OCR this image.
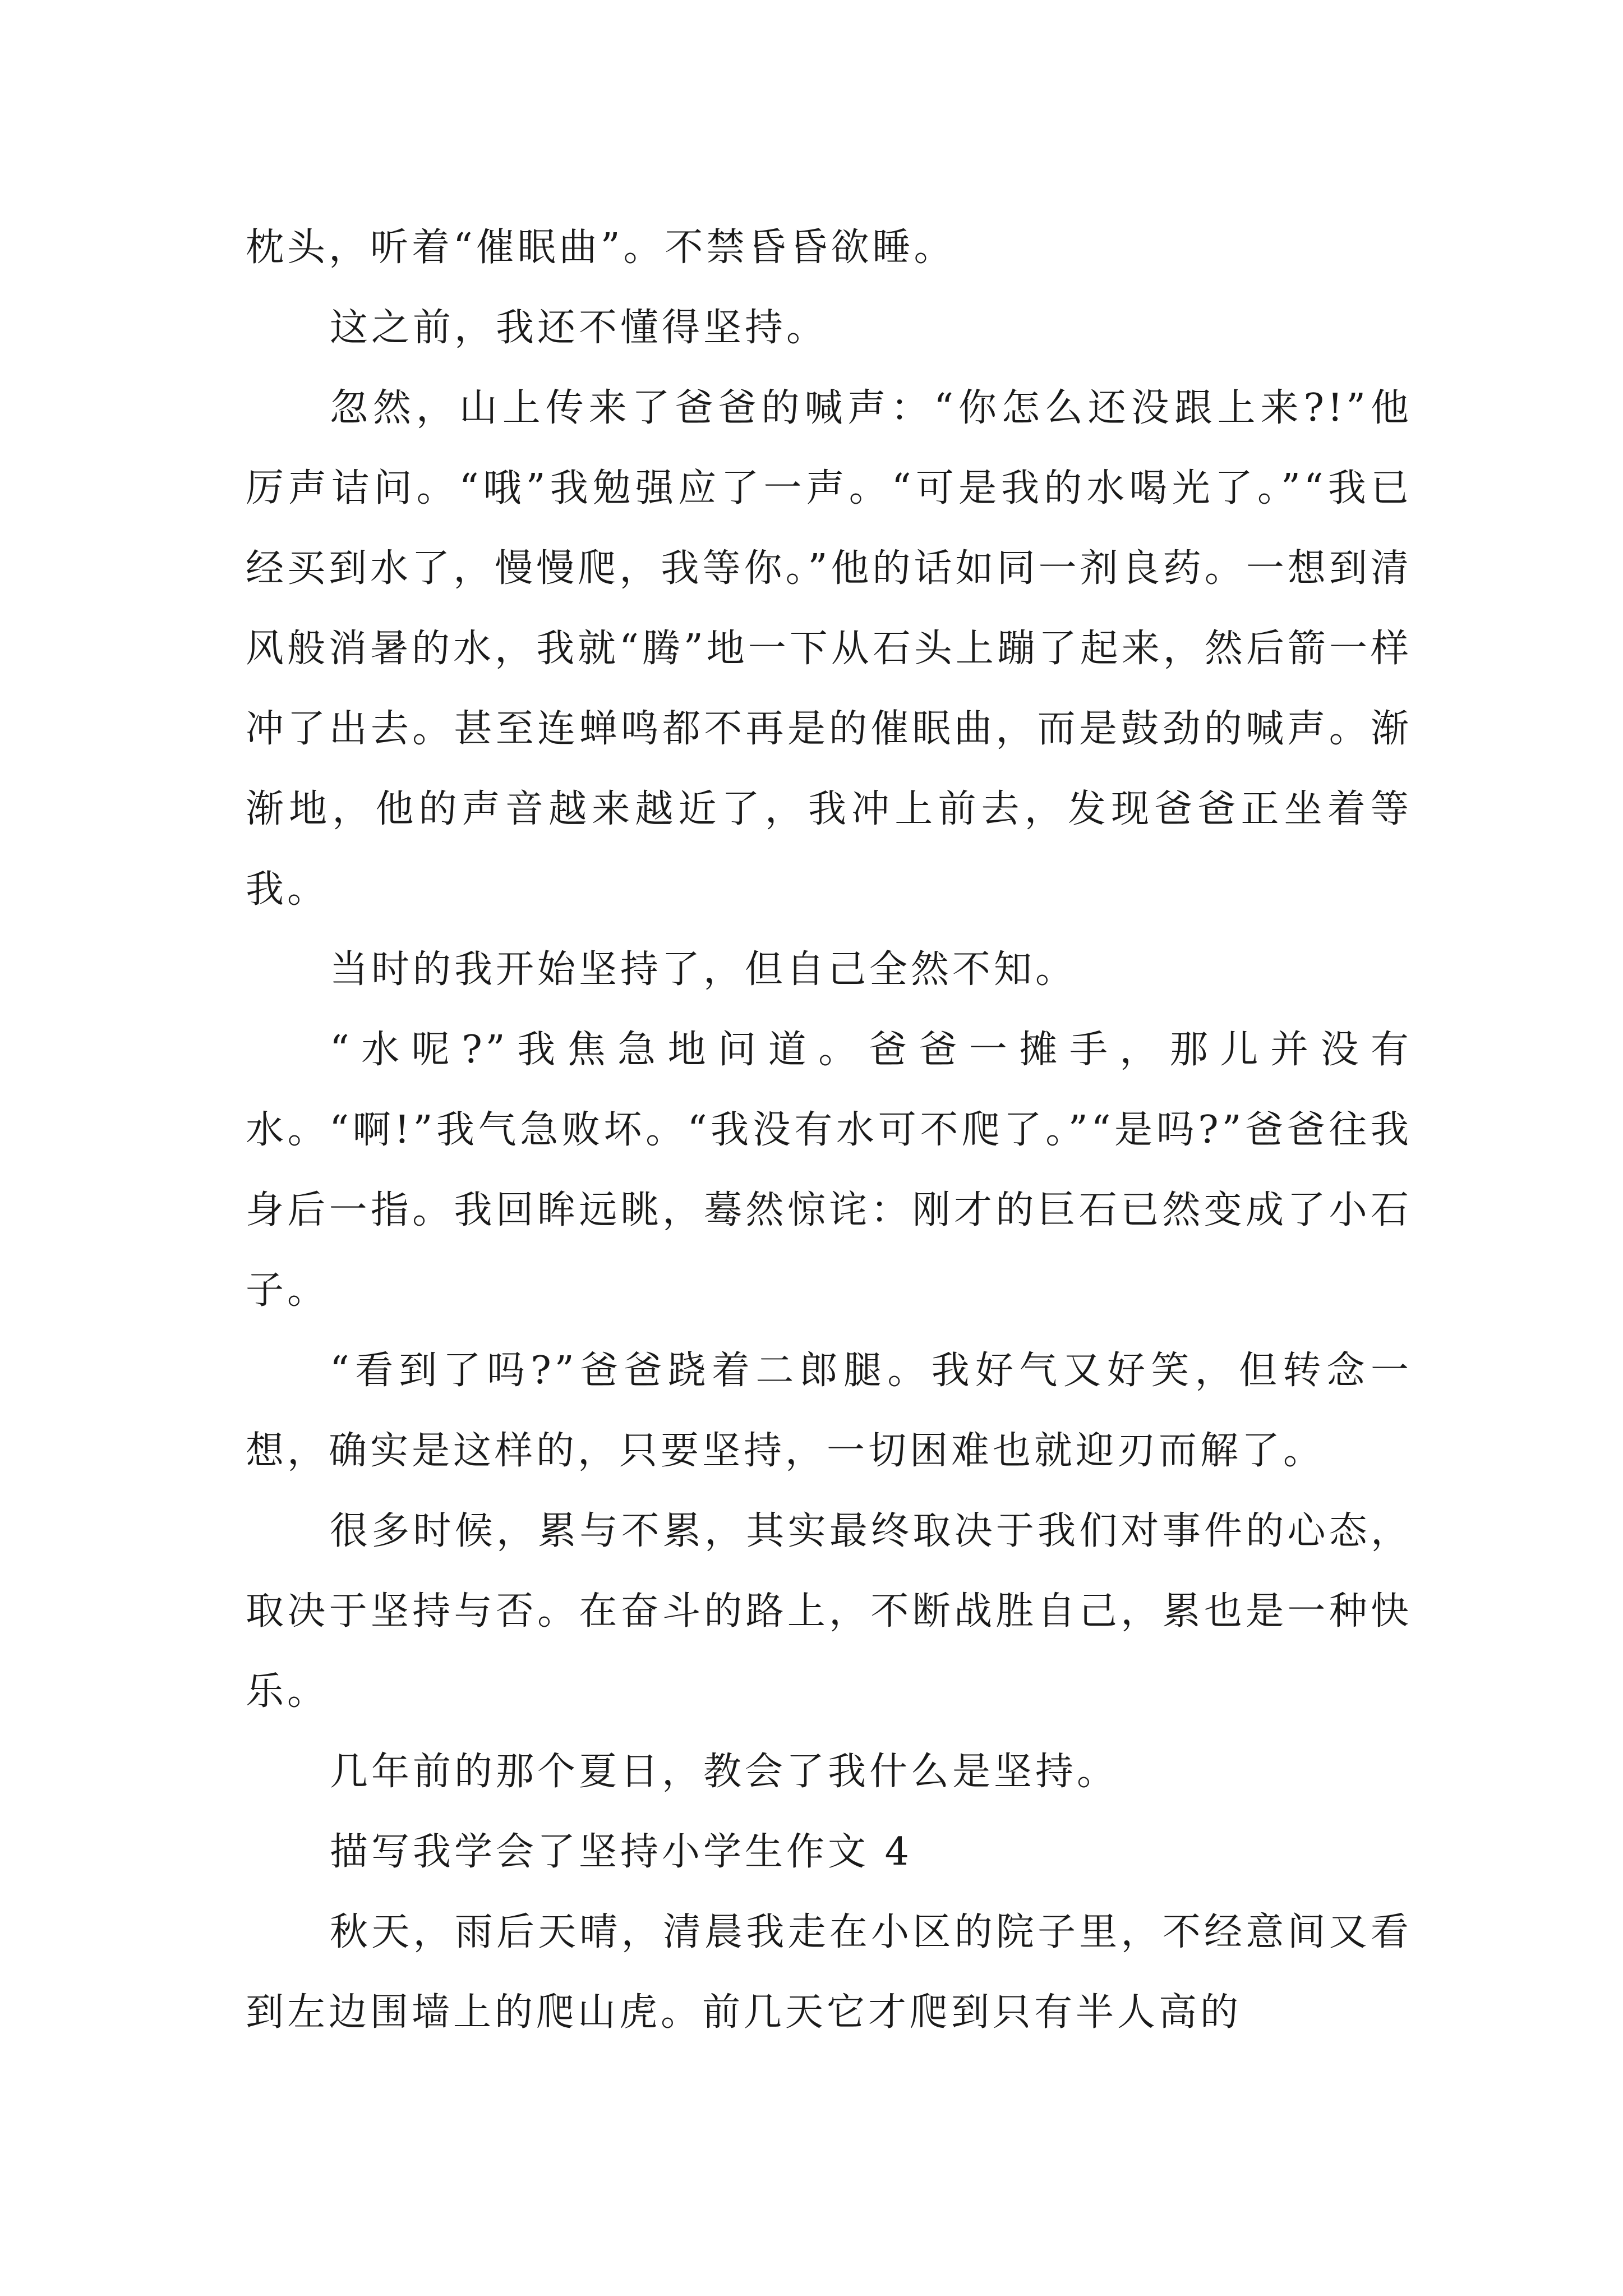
枕头，听着“催眠曲”。不禁昏昏欲睡。

这之前，我还不懂得坚持。

忽然，山上传来了爸爸的喊声：“你怎么还没跟上来?!”他厉声诘问。“哦”我勉强应了一声。“可是我的水喝光了。”“我已经买到水了，慢慢爬，我等你。”他的话如同一剂良药。一想到清风般消暑的水，我就“腾”地一下从石头上蹦了起来，然后箭一样冲了出去。甚至连蝉鸣都不再是的催眠曲，而是鼓劲的喊声。渐渐地，他的声音越来越近了，我冲上前去，发现爸爸正坐着等我。

当时的我开始坚持了，但自己全然不知。

“水呢?”我焦急地问道。爸爸一摊手，那儿并没有水。“啊!”我气急败坏。“我没有水可不爬了。”“是吗?”爸爸往我身后一指。我回眸远眺，蓦然惊诧：刚才的巨石已然变成了小石子。

“看到了吗?”爸爸跷着二郎腿。我好气又好笑，但转念一想，确实是这样的，只要坚持，一切困难也就迎刃而解了。

很多时候，累与不累，其实最终取决于我们对事件的心态，取决于坚持与否。在奋斗的路上，不断战胜自己，累也是一种快乐。

几年前的那个夏日，教会了我什么是坚持。

描写我学会了坚持小学生作文 4

秋天，雨后天晴，清晨我走在小区的院子里，不经意间又看到左边围墙上的爬山虎。前几天它才爬到只有半人高的
